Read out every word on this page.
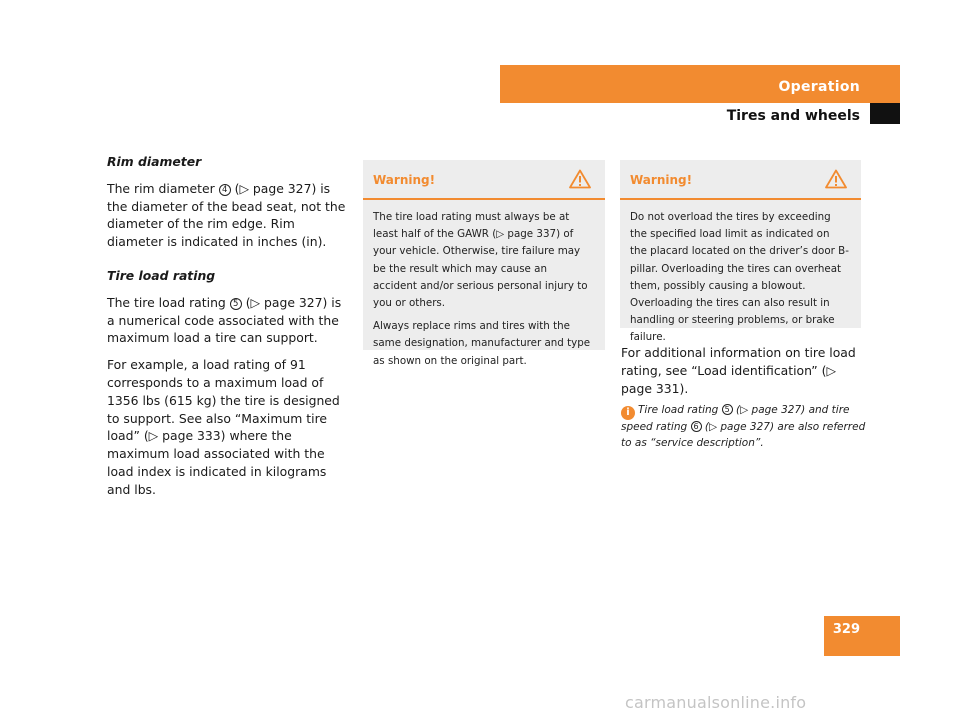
Operation
Tires and wheels
Rim diameter

The rim diameter 4 (▷ page 327) is the diameter of the bead seat, not the diameter of the rim edge. Rim diameter is indicated in inches (in).

Tire load rating

The tire load rating 5 (▷ page 327) is a numerical code associated with the maximum load a tire can support.

For example, a load rating of 91 corresponds to a maximum load of 1356 lbs (615 kg) the tire is designed to support. See also “Maximum tire load” (▷ page 333) where the maximum load associated with the load index is indicated in kilograms and lbs.

Warning!

The tire load rating must always be at least half of the GAWR (▷ page 337) of your vehicle. Otherwise, tire failure may be the result which may cause an accident and/or serious personal injury to you or others.

Always replace rims and tires with the same designation, manufacturer and type as shown on the original part.

Warning!

Do not overload the tires by exceeding the specified load limit as indicated on the placard located on the driver’s door B-pillar. Overloading the tires can overheat them, possibly causing a blowout. Overloading the tires can also result in handling or steering problems, or brake failure.

For additional information on tire load rating, see “Load identification” (▷ page 331).
i Tire load rating 5 (▷ page 327) and tire speed rating 6 (▷ page 327) are also referred to as “service description”.
329
carmanualsonline.info
